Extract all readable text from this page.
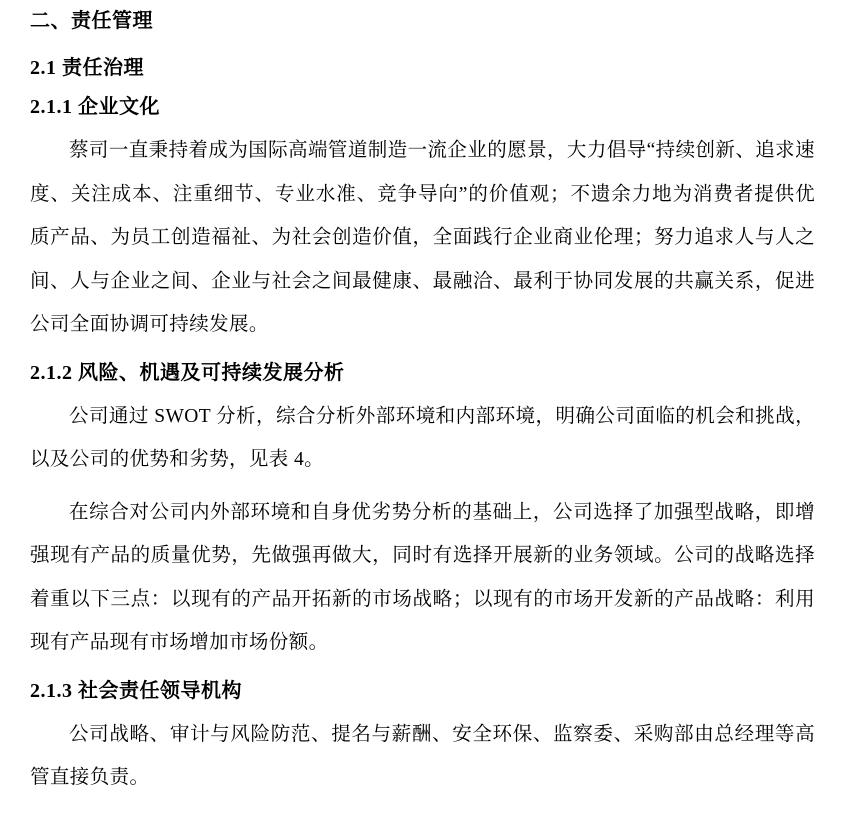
二、责任管理
2.1 责任治理
2.1.1 企业文化

蔡司一直秉持着成为国际高端管道制造一流企业的愿景，大力倡导“持续创新、追求速度、关注成本、注重细节、专业水准、竞争导向”的价值观；不遗余力地为消费者提供优质产品、为员工创造福祉、为社会创造价值，全面践行企业商业伦理；努力追求人与人之间、人与企业之间、企业与社会之间最健康、最融洽、最利于协同发展的共赢关系，促进公司全面协调可持续发展。

2.1.2 风险、机遇及可持续发展分析

公司通过 SWOT 分析，综合分析外部环境和内部环境，明确公司面临的机会和挑战，以及公司的优势和劣势，见表 4。

在综合对公司内外部环境和自身优劣势分析的基础上，公司选择了加强型战略，即增强现有产品的质量优势，先做强再做大，同时有选择开展新的业务领域。公司的战略选择着重以下三点：以现有的产品开拓新的市场战略；以现有的市场开发新的产品战略：利用现有产品现有市场增加市场份额。

2.1.3 社会责任领导机构

公司战略、审计与风险防范、提名与薪酬、安全环保、监察委、采购部由总经理等高管直接负责。
